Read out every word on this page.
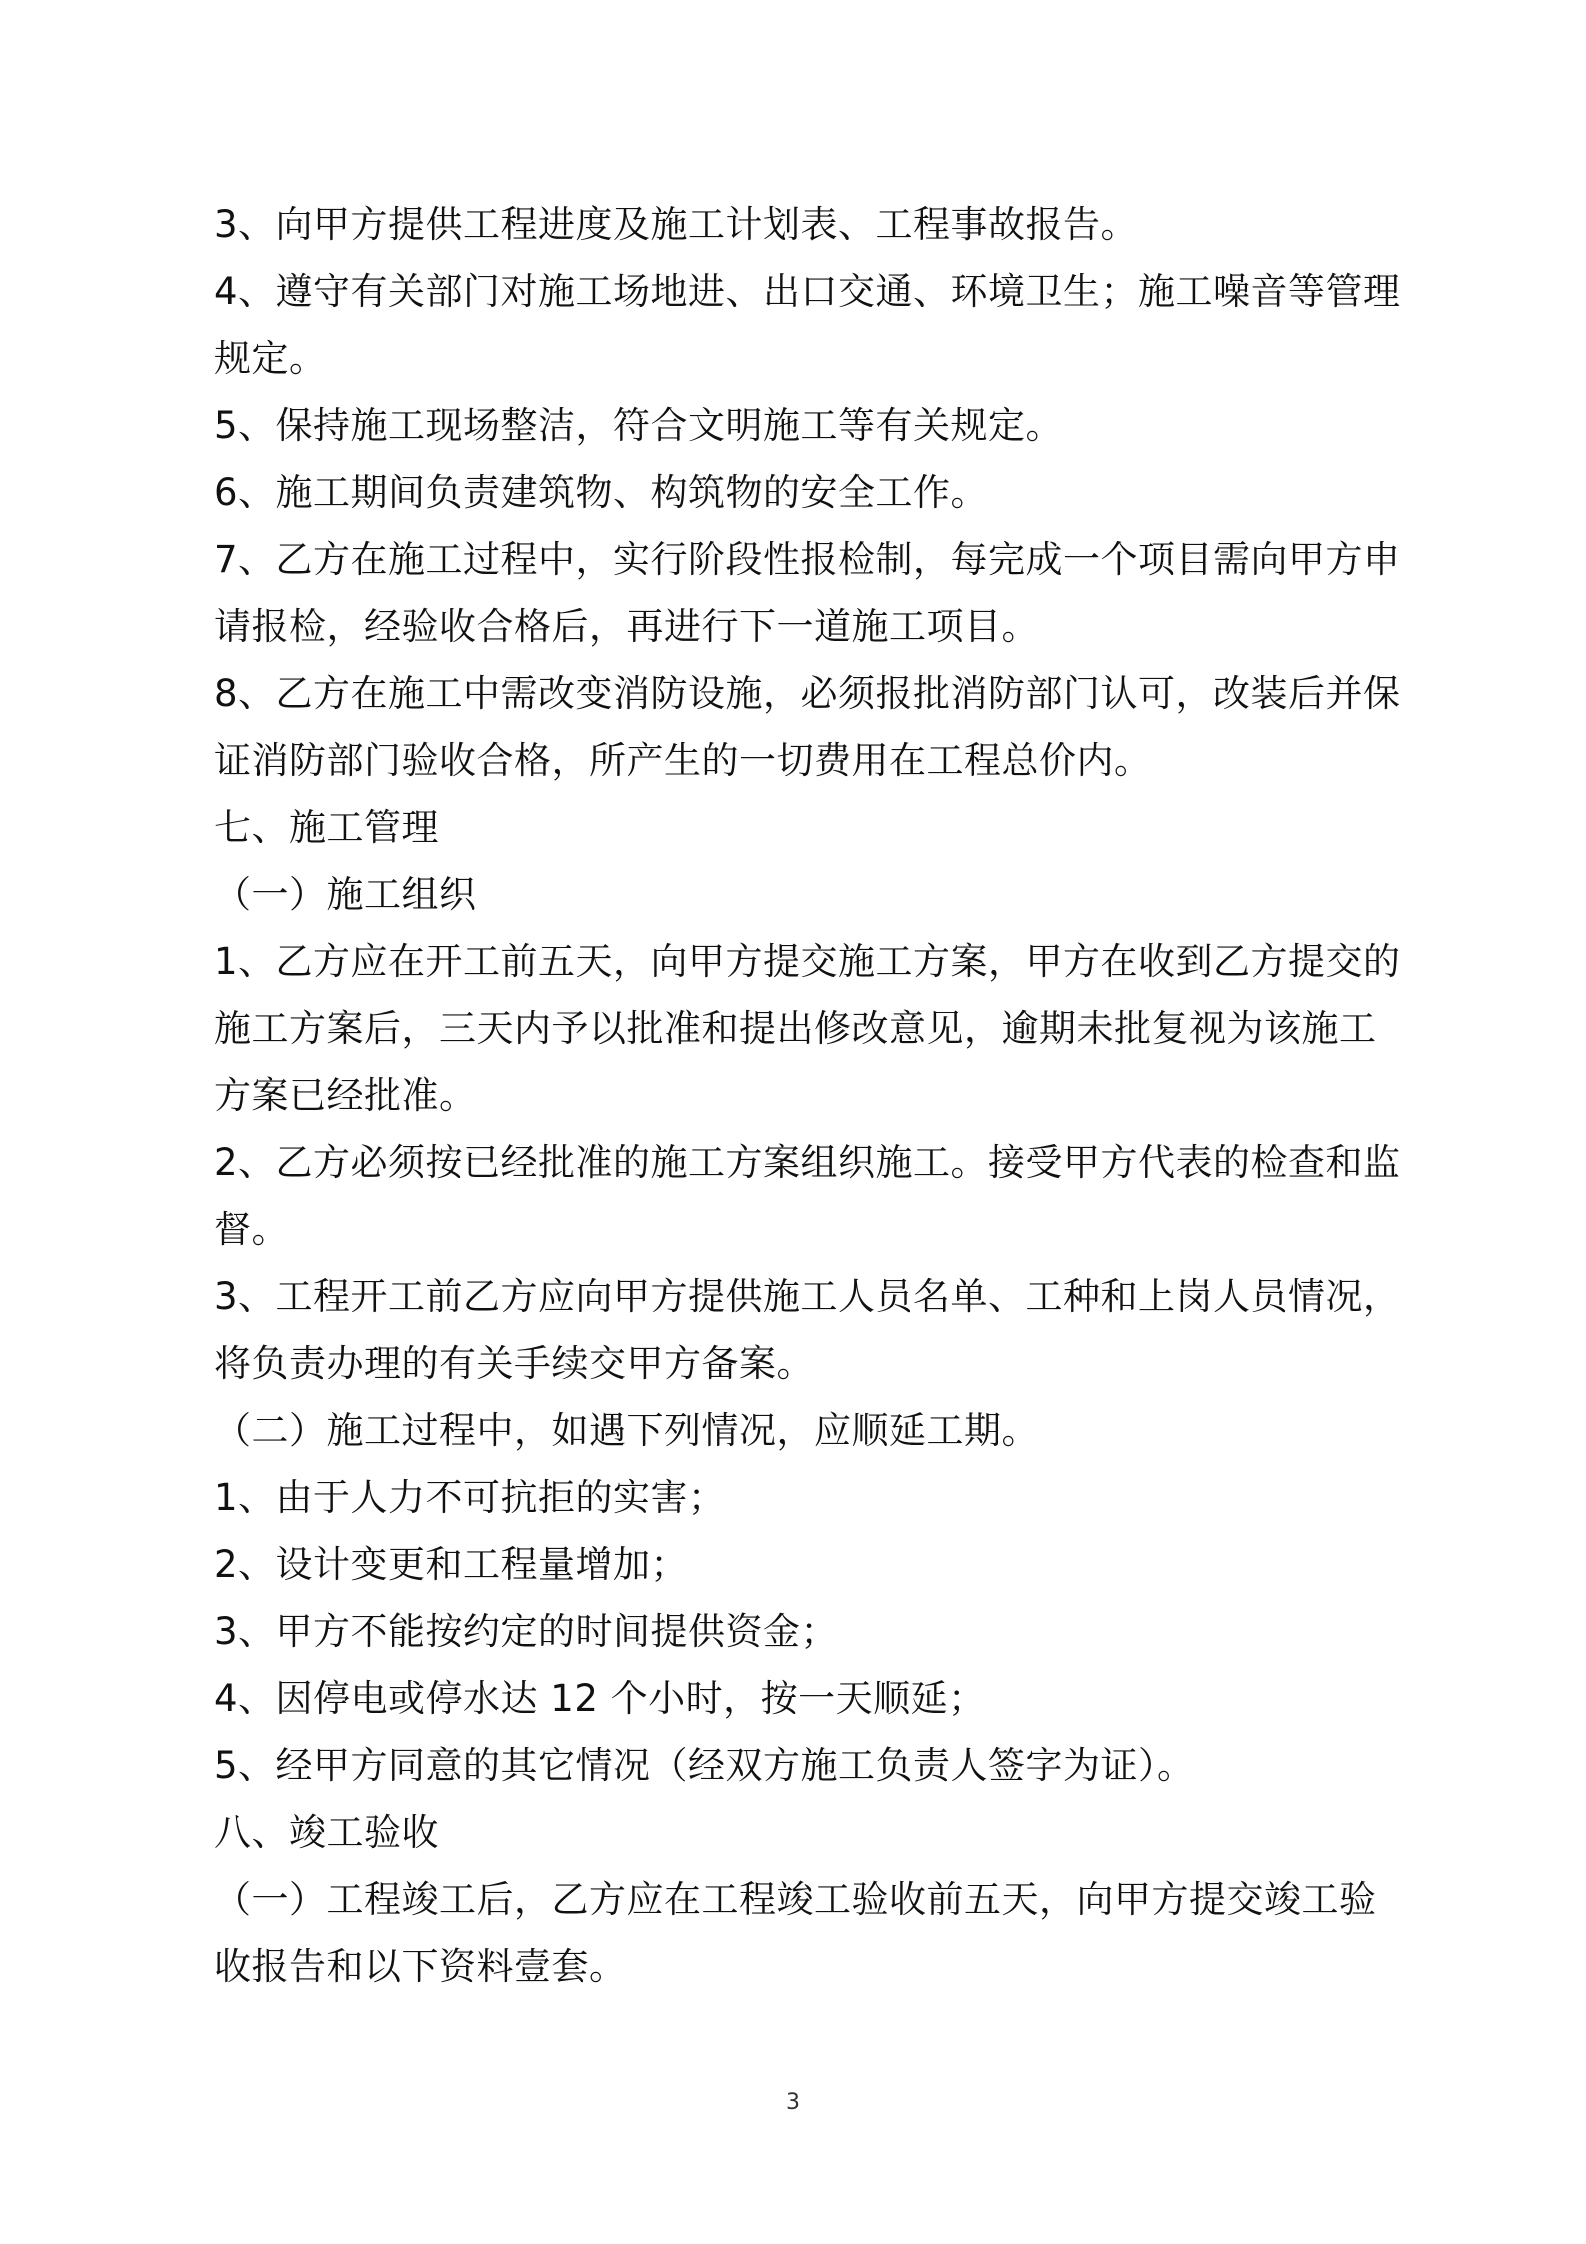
3、向甲方提供工程进度及施工计划表、工程事故报告。
4、遵守有关部门对施工场地进、出口交通、环境卫生；施工噪音等管理
规定。
5、保持施工现场整洁，符合文明施工等有关规定。
6、施工期间负责建筑物、构筑物的安全工作。
7、乙方在施工过程中，实行阶段性报检制，每完成一个项目需向甲方申
请报检，经验收合格后，再进行下一道施工项目。
8、乙方在施工中需改变消防设施，必须报批消防部门认可，改装后并保
证消防部门验收合格，所产生的一切费用在工程总价内。
七、施工管理
（一）施工组织
1、乙方应在开工前五天，向甲方提交施工方案，甲方在收到乙方提交的
施工方案后，三天内予以批准和提出修改意见，逾期未批复视为该施工
方案已经批准。
2、乙方必须按已经批准的施工方案组织施工。接受甲方代表的检查和监
督。
3、工程开工前乙方应向甲方提供施工人员名单、工种和上岗人员情况，
将负责办理的有关手续交甲方备案。
（二）施工过程中，如遇下列情况，应顺延工期。
1、由于人力不可抗拒的实害；
2、设计变更和工程量增加；
3、甲方不能按约定的时间提供资金；
4、因停电或停水达 12 个小时，按一天顺延；
5、经甲方同意的其它情况（经双方施工负责人签字为证）。
八、竣工验收
（一）工程竣工后，乙方应在工程竣工验收前五天，向甲方提交竣工验
收报告和以下资料壹套。
3
